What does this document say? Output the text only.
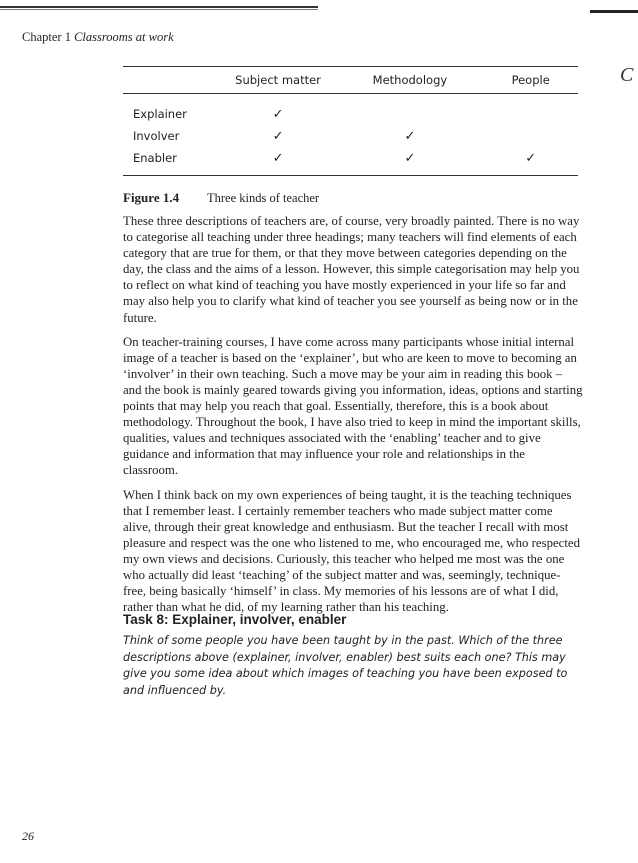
C
Chapter 1 Classrooms at work
	Subject matter	Methodology	People
Explainer	✓		
Involver	✓	✓	
Enabler	✓	✓	✓
Figure 1.4 Three kinds of teacher

These three descriptions of teachers are, of course, very broadly painted. There is no way to categorise all teaching under three headings; many teachers will find elements of each category that are true for them, or that they move between categories depending on the day, the class and the aims of a lesson. However, this simple categorisation may help you to reflect on what kind of teaching you have mostly experienced in your life so far and may also help you to clarify what kind of teacher you see yourself as being now or in the future.

On teacher-training courses, I have come across many participants whose initial internal image of a teacher is based on the ‘explainer’, but who are keen to move to becoming an ‘involver’ in their own teaching. Such a move may be your aim in reading this book – and the book is mainly geared towards giving you information, ideas, options and starting points that may help you reach that goal. Essentially, therefore, this is a book about methodology. Throughout the book, I have also tried to keep in mind the important skills, qualities, values and techniques associated with the ‘enabling’ teacher and to give guidance and information that may influence your role and relationships in the classroom.

When I think back on my own experiences of being taught, it is the teaching techniques that I remember least. I certainly remember teachers who made subject matter come alive, through their great knowledge and enthusiasm. But the teacher I recall with most pleasure and respect was the one who listened to me, who encouraged me, who respected my own views and decisions. Curiously, this teacher who helped me most was the one who actually did least ‘teaching’ of the subject matter and was, seemingly, technique-free, being basically ‘himself’ in class. My memories of his lessons are of what I did, rather than what he did, of my learning rather than his teaching.

Task 8: Explainer, involver, enabler
Think of some people you have been taught by in the past. Which of the three descriptions above (explainer, involver, enabler) best suits each one? This may give you some idea about which images of teaching you have been exposed to and influenced by.
26
